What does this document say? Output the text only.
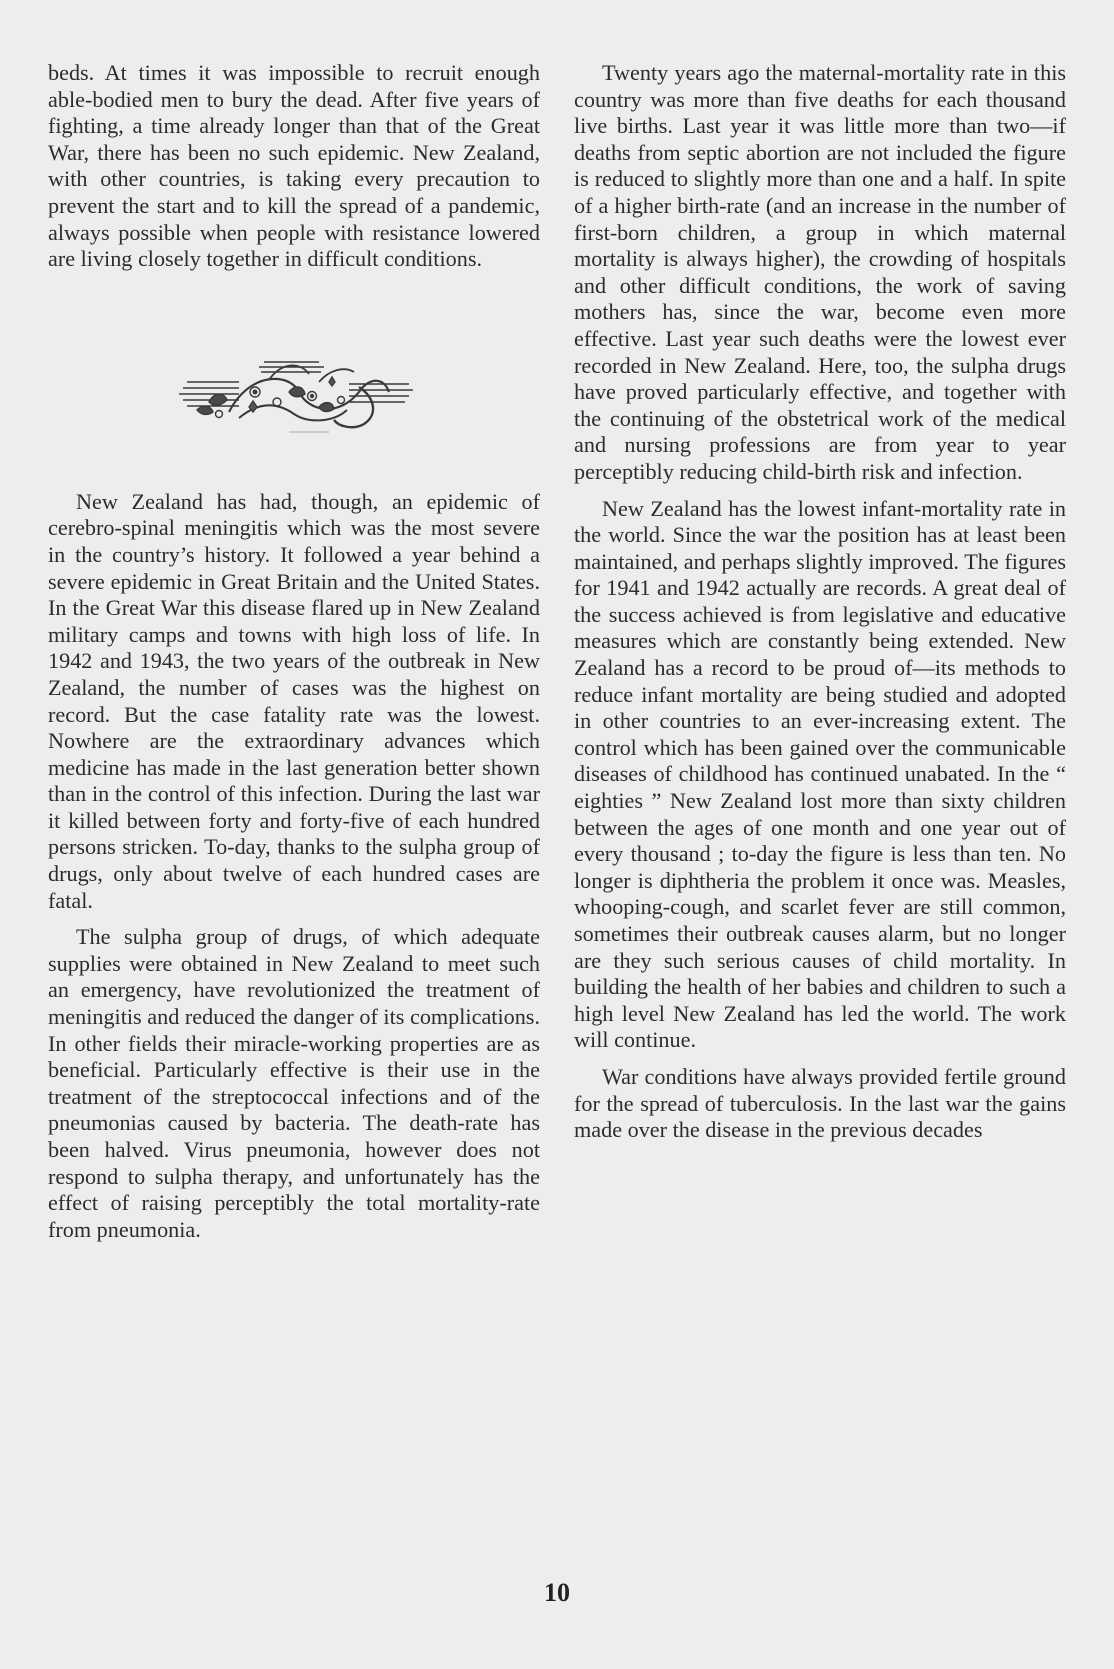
beds. At times it was impossible to recruit enough able-bodied men to bury the dead. After five years of fighting, a time already longer than that of the Great War, there has been no such epidemic. New Zealand, with other countries, is taking every precaution to prevent the start and to kill the spread of a pandemic, always possible when people with resistance lowered are living closely together in difficult conditions.

New Zealand has had, though, an epidemic of cerebro-spinal meningitis which was the most severe in the country’s history. It followed a year behind a severe epidemic in Great Britain and the United States. In the Great War this disease flared up in New Zealand military camps and towns with high loss of life. In 1942 and 1943, the two years of the outbreak in New Zealand, the number of cases was the highest on record. But the case fatality rate was the lowest. Nowhere are the extraordinary advances which medicine has made in the last generation better shown than in the control of this infection. During the last war it killed between forty and forty-five of each hundred persons stricken. To-day, thanks to the sulpha group of drugs, only about twelve of each hundred cases are fatal.

The sulpha group of drugs, of which adequate supplies were obtained in New Zealand to meet such an emergency, have revolutionized the treatment of meningitis and reduced the danger of its complications. In other fields their miracle-working properties are as beneficial. Particularly effective is their use in the treatment of the streptococcal infections and of the pneumonias caused by bacteria. The death-rate has been halved. Virus pneumonia, however does not respond to sulpha therapy, and unfortunately has the effect of raising perceptibly the total mortality-rate from pneumonia.

Twenty years ago the maternal-mortality rate in this country was more than five deaths for each thousand live births. Last year it was little more than two—if deaths from septic abortion are not included the figure is reduced to slightly more than one and a half. In spite of a higher birth-rate (and an increase in the number of first-born children, a group in which maternal mortality is always higher), the crowding of hospitals and other difficult conditions, the work of saving mothers has, since the war, become even more effective. Last year such deaths were the lowest ever recorded in New Zealand. Here, too, the sulpha drugs have proved particularly effective, and together with the continuing of the obstetrical work of the medical and nursing professions are from year to year perceptibly reducing child-birth risk and infection.

New Zealand has the lowest infant-mortality rate in the world. Since the war the position has at least been maintained, and perhaps slightly improved. The figures for 1941 and 1942 actually are records. A great deal of the success achieved is from legislative and educative measures which are constantly being extended. New Zealand has a record to be proud of—its methods to reduce infant mortality are being studied and adopted in other countries to an ever-increasing extent. The control which has been gained over the communicable diseases of childhood has continued unabated. In the “ eighties ” New Zealand lost more than sixty children between the ages of one month and one year out of every thousand ; to-day the figure is less than ten. No longer is diphtheria the problem it once was. Measles, whooping-cough, and scarlet fever are still common, sometimes their outbreak causes alarm, but no longer are they such serious causes of child mortality. In building the health of her babies and children to such a high level New Zealand has led the world. The work will continue.

War conditions have always provided fertile ground for the spread of tuberculosis. In the last war the gains made over the disease in the previous decades

10
